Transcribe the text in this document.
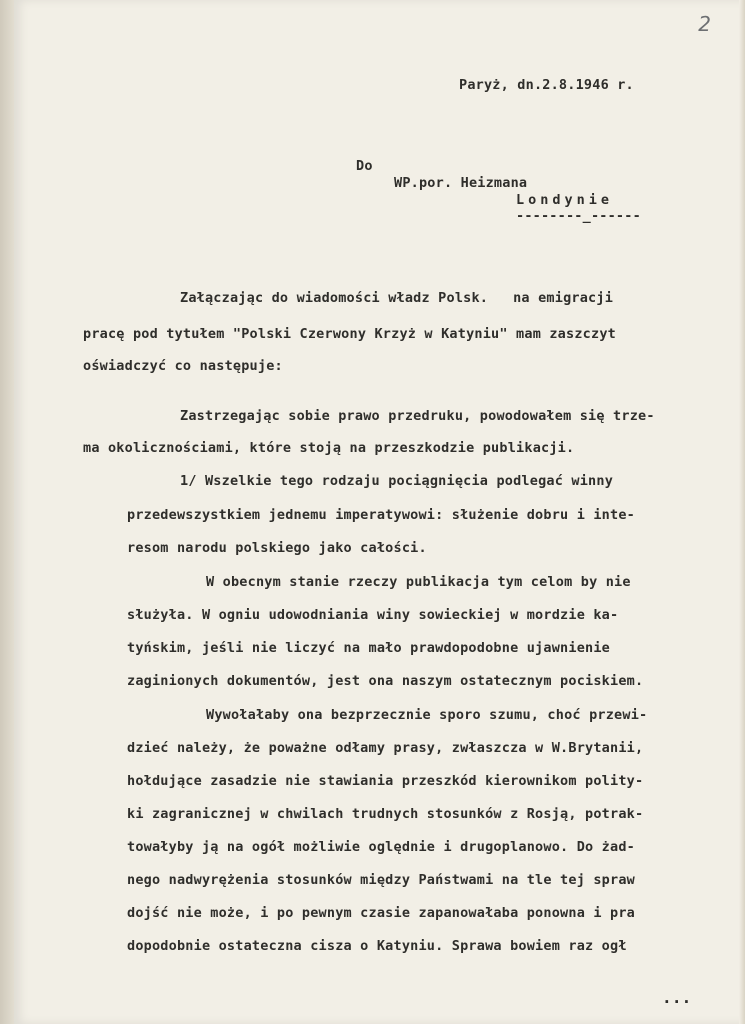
2

Paryż, dn.2.8.1946 r.

Do

WP.por. Heizmana

Londynie

--------_------

Załączając do wiadomości władz Polsk.   na emigracji

pracę pod tytułem "Polski Czerwony Krzyż w Katyniu" mam zaszczyt

oświadczyć co następuje:

Zastrzegając sobie prawo przedruku, powodowałem się trze-

ma okolicznościami, które stoją na przeszkodzie publikacji.

1/ Wszelkie tego rodzaju pociągnięcia podlegać winny

przedewszystkiem jednemu imperatywowi: służenie dobru i inte-

resom narodu polskiego jako całości.

W obecnym stanie rzeczy publikacja tym celom by nie

służyła. W ogniu udowodniania winy sowieckiej w mordzie ka-

tyńskim, jeśli nie liczyć na mało prawdopodobne ujawnienie

zaginionych dokumentów, jest ona naszym ostatecznym pociskiem.

Wywołałaby ona bezprzecznie sporo szumu, choć przewi-

dzieć należy, że poważne odłamy prasy, zwłaszcza w W.Brytanii,

hołdujące zasadzie nie stawiania przeszkód kierownikom polity-

ki zagranicznej w chwilach trudnych stosunków z Rosją, potrak-

towałyby ją na ogół możliwie oględnie i drugoplanowo. Do żad-

nego nadwyrężenia stosunków między Państwami na tle tej spraw

dojść nie może, i po pewnym czasie zapanowałaba ponowna i pra

dopodobnie ostateczna cisza o Katyniu. Sprawa bowiem raz ogł

...
